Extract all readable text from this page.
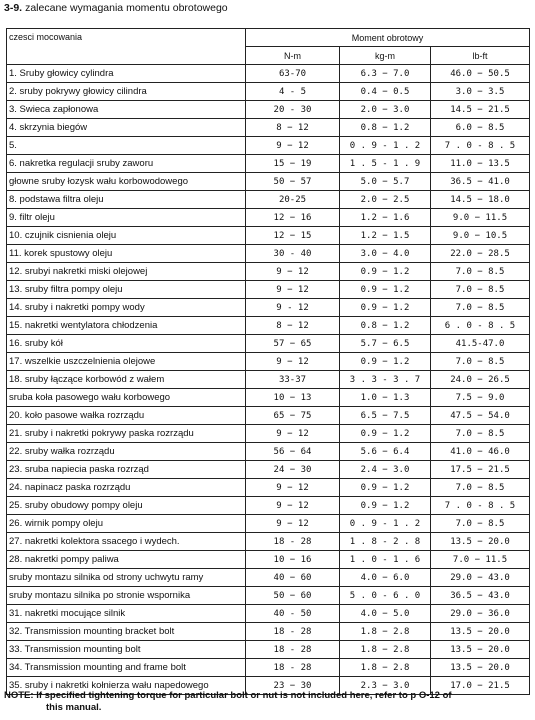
3-9. zalecane wymagania momentu obrotowego
czesci mocowania	Moment obrotowy		
	N-m	kg-m	lb-ft
1. Sruby głowicy cylindra	63-70	6.3 − 7.0	46.0 − 50.5
2. sruby pokrywy głowicy cilindra	4 - 5	0.4 − 0.5	3.0 − 3.5
3. Swieca zapłonowa	20 - 30	2.0 − 3.0	14.5 − 21.5
4. skrzynia biegów	8 − 12	0.8 − 1.2	6.0 − 8.5
5.	9 − 12	0 . 9 - 1 . 2	7 . 0 - 8 . 5
6. nakretka regulacji sruby zaworu	15 − 19	1 . 5 - 1 . 9	11.0 − 13.5
głowne sruby łozysk wału korbowodowego	50 − 57	5.0 − 5.7	36.5 − 41.0
8. podstawa filtra oleju	20-25	2.0 − 2.5	14.5 − 18.0
9. filtr oleju	12 − 16	1.2 − 1.6	9.0 − 11.5
10. czujnik cisnienia oleju	12 − 15	1.2 − 1.5	9.0 − 10.5
11. korek spustowy oleju	30 - 40	3.0 − 4.0	22.0 − 28.5
12. srubyi nakretki miski olejowej	9 − 12	0.9 − 1.2	7.0 − 8.5
13. sruby filtra pompy oleju	9 − 12	0.9 − 1.2	7.0 − 8.5
14. sruby i nakretki pompy wody	9 - 12	0.9 − 1.2	7.0 − 8.5
15. nakretki wentylatora chłodzenia	8 − 12	0.8 − 1.2	6 . 0 - 8 . 5
16. sruby kół	57 − 65	5.7 − 6.5	41.5-47.0
17. wszelkie uszczelnienia olejowe	9 − 12	0.9 − 1.2	7.0 − 8.5
18. sruby łączące korbowód z wałem	33-37	3 . 3 - 3 . 7	24.0 − 26.5
sruba koła pasowego wału korbowego	10 − 13	1.0 − 1.3	7.5 − 9.0
20. koło pasowe wałka rozrządu	65 − 75	6.5 − 7.5	47.5 − 54.0
21. sruby i nakretki pokrywy paska rozrządu	9 − 12	0.9 − 1.2	7.0 − 8.5
22. sruby wałka rozrządu	56 − 64	5.6 − 6.4	41.0 − 46.0
23. sruba napiecia paska rozrząd	24 − 30	2.4 − 3.0	17.5 − 21.5
24. napinacz paska rozrządu	9 − 12	0.9 − 1.2	7.0 − 8.5
25. sruby obudowy pompy oleju	9 − 12	0.9 − 1.2	7 . 0 - 8 . 5
26. wirnik pompy oleju	9 − 12	0 . 9 - 1 . 2	7.0 − 8.5
27. nakretki kolektora ssacego i wydech.	18 - 28	1 . 8 - 2 . 8	13.5 − 20.0
28. nakretki pompy paliwa	10 − 16	1 . 0 - 1 . 6	7.0 − 11.5
sruby montazu silnika od strony uchwytu ramy	40 − 60	4.0 − 6.0	29.0 − 43.0
sruby montazu silnika po stronie wspornika	50 − 60	5 . 0 - 6 . 0	36.5 − 43.0
31. nakretki mocujące silnik	40 - 50	4.0 − 5.0	29.0 − 36.0
32. Transmission mounting bracket bolt	18 - 28	1.8 − 2.8	13.5 − 20.0
33. Transmission mounting bolt	18 - 28	1.8 − 2.8	13.5 − 20.0
34. Transmission mounting and frame bolt	18 - 28	1.8 − 2.8	13.5 − 20.0
35. sruby i nakretki kołnierza wału napedowego	23 − 30	2.3 − 3.0	17.0 − 21.5
NOTE: If specified tightening torque for particular bolt or nut is not included here, refer to p O-12 of
this manual.
